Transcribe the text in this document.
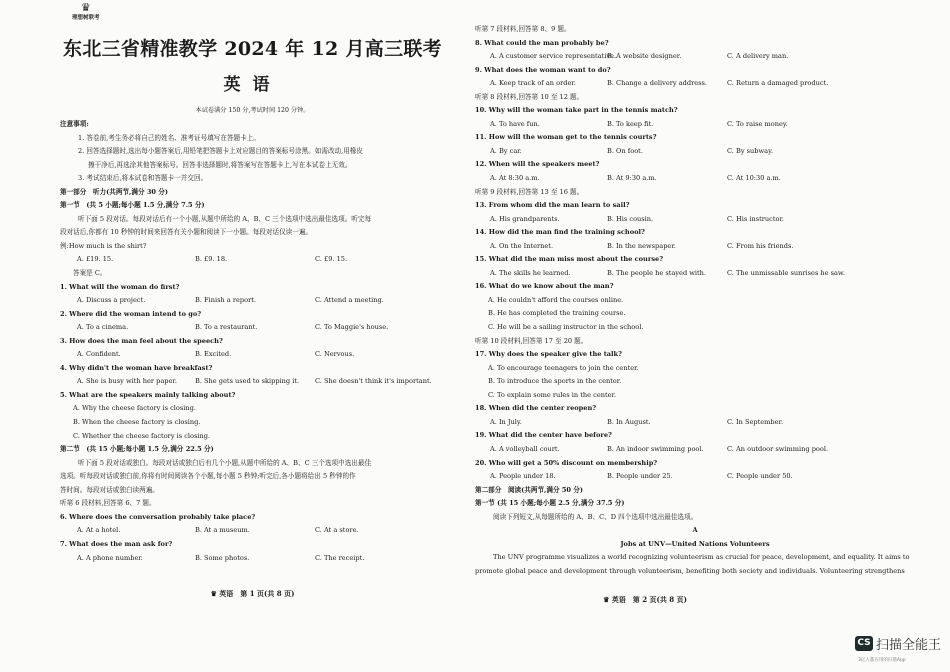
♛
理想树联考
东北三省精准教学 2024 年 12 月高三联考
英语
本试卷满分 150 分,考试时间 120 分钟。
注意事项:
1. 答卷前,考生务必将自己的姓名、准考证号填写在答题卡上。
2. 回答选择题时,选出每小题答案后,用铅笔把答题卡上对应题目的答案标号涂黑。如需改动,用橡皮
擦干净后,再选涂其他答案标号。回答非选择题时,将答案写在答题卡上,写在本试卷上无效。
3. 考试结束后,将本试卷和答题卡一并交回。
第一部分　听力(共两节,满分 30 分)
第一节　(共 5 小题;每小题 1.5 分,满分 7.5 分)
听下面 5 段对话。每段对话后有一个小题,从题中所给的 A、B、C 三个选项中选出最佳选项。听完每
段对话后,你都有 10 秒钟的时间来回答有关小题和阅读下一小题。每段对话仅读一遍。
例:How much is the shirt?
A. £19. 15.	B. £9. 18.	C. £9. 15.
答案是 C。
1. What will the woman do first?
A. Discuss a project.	B. Finish a report.	C. Attend a meeting.
2. Where did the woman intend to go?
A. To a cinema.	B. To a restaurant.	C. To Maggie's house.
3. How does the man feel about the speech?
A. Confident.	B. Excited.	C. Nervous.
4. Why didn't the woman have breakfast?
A. She is busy with her paper.	B. She gets used to skipping it. C. She doesn't think it's important.
5. What are the speakers mainly talking about?
A. Why the cheese factory is closing.
B. When the cheese factory is closing.
C. Whether the cheese factory is closing.
第二节　(共 15 小题;每小题 1.5 分,满分 22.5 分)
听下面 5 段对话或独白。每段对话或独白后有几个小题,从题中所给的 A、B、C 三个选项中选出最佳
选项。听每段对话或独白前,你将有时间阅读各个小题,每小题 5 秒钟;听完后,各小题将给出 5 秒钟的作
答时间。每段对话或独白读两遍。
听第 6 段材料,回答第 6、7 题。
6. Where does the conversation probably take place?
A. At a hotel.	B. At a museum.	C. At a store.
7. What does the man ask for?
A. A phone number.	B. Some photos.	C. The receipt.
♛ 英语　第 1 页(共 8 页)
听第 7 段材料,回答第 8、9 题。
8. What could the man probably be?
A. A customer service representative.
B. A website designer.	C. A delivery man.
9. What does the woman want to do?
A. Keep track of an order.	B. Change a delivery address.	C. Return a damaged product.
听第 8 段材料,回答第 10 至 12 题。
10. Why will the woman take part in the tennis match?
A. To have fun.	B. To keep fit.	C. To raise money.
11. How will the woman get to the tennis courts?
A. By car.	B. On foot.	C. By subway.
12. When will the speakers meet?
A. At 8:30 a.m.	B. At 9:30 a.m.	C. At 10:30 a.m.
听第 9 段材料,回答第 13 至 16 题。
13. From whom did the man learn to sail?
A. His grandparents.	B. His cousin.	C. His instructor.
14. How did the man find the training school?
A. On the Internet.	B. In the newspaper.	C. From his friends.
15. What did the man miss most about the course?
A. The skills he learned.	B. The people he stayed with.	C. The unmissable sunrises he saw.
16. What do we know about the man?
A. He couldn't afford the courses online.
B. He has completed the training course.
C. He will be a sailing instructor in the school.
听第 10 段材料,回答第 17 至 20 题。
17. Why does the speaker give the talk?
A. To encourage teenagers to join the center.
B. To introduce the sports in the center.
C. To explain some rules in the center.
18. When did the center reopen?
A. In July.	B. In August.	C. In September.
19. What did the center have before?
A. A volleyball court.	B. An indoor swimming pool.	C. An outdoor swimming pool.
20. Who will get a 50% discount on membership?
A. People under 18.	B. People under 25.	C. People under 50.
第二部分　阅读(共两节,满分 50 分)
第一节 (共 15 小题;每小题 2.5 分,满分 37.5 分)
阅读下列短文,从每题所给的 A、B、C、D 四个选项中选出最佳选项。
A
Jobs at UNV—United Nations Volunteers
The UNV programme visualizes a world recognizing volunteerism as crucial for peace, development, and equality. It aims to
promote global peace and development through volunteerism, benefiting both society and individuals. Volunteering strengthens
♛ 英语　第 2 页(共 8 页)
CS 扫描全能王
3亿人都在用的扫描App
